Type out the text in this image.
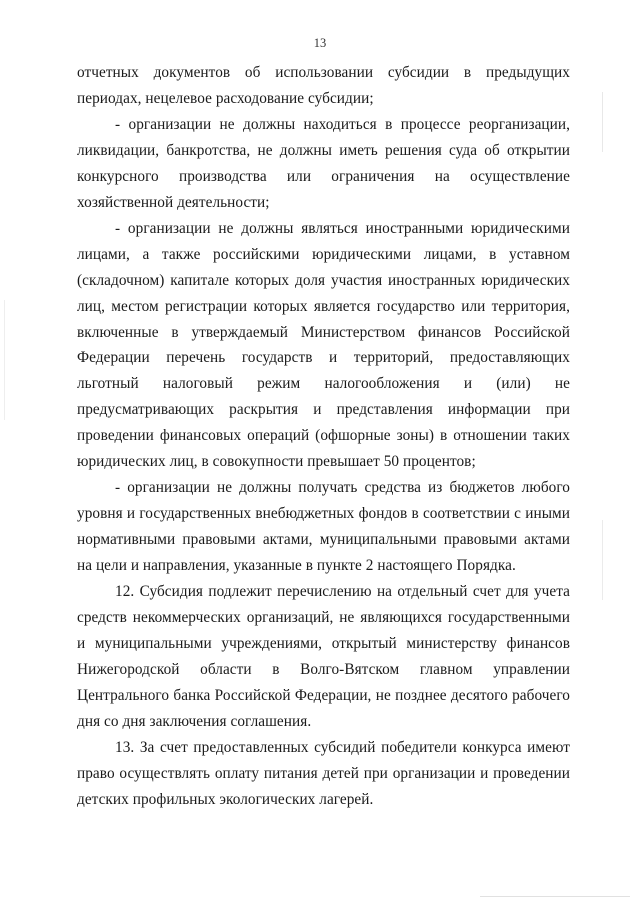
13

отчетных документов об использовании субсидии в предыдущих периодах, нецелевое расходование субсидии;

- организации не должны находиться в процессе реорганизации, ликвидации, банкротства, не должны иметь решения суда об открытии конкурсного производства или ограничения на осуществление хозяйственной деятельности;

- организации не должны являться иностранными юридическими лицами, а также российскими юридическими лицами, в уставном (складочном) капитале которых доля участия иностранных юридических лиц, местом регистрации которых является государство или территория, включенные в утверждаемый Министерством финансов Российской Федерации перечень государств и территорий, предоставляющих льготный налоговый режим налогообложения и (или) не предусматривающих раскрытия и представления информации при проведении финансовых операций (офшорные зоны) в отношении таких юридических лиц, в совокупности превышает 50 процентов;

- организации не должны получать средства из бюджетов любого уровня и государственных внебюджетных фондов в соответствии с иными нормативными правовыми актами, муниципальными правовыми актами на цели и направления, указанные в пункте 2 настоящего Порядка.

12. Субсидия подлежит перечислению на отдельный счет для учета средств некоммерческих организаций, не являющихся государственными и муниципальными учреждениями, открытый министерству финансов Нижегородской области в Волго-Вятском главном управлении Центрального банка Российской Федерации, не позднее десятого рабочего дня со дня заключения соглашения.

13. За счет предоставленных субсидий победители конкурса имеют право осуществлять оплату питания детей при организации и проведении детских профильных экологических лагерей.
